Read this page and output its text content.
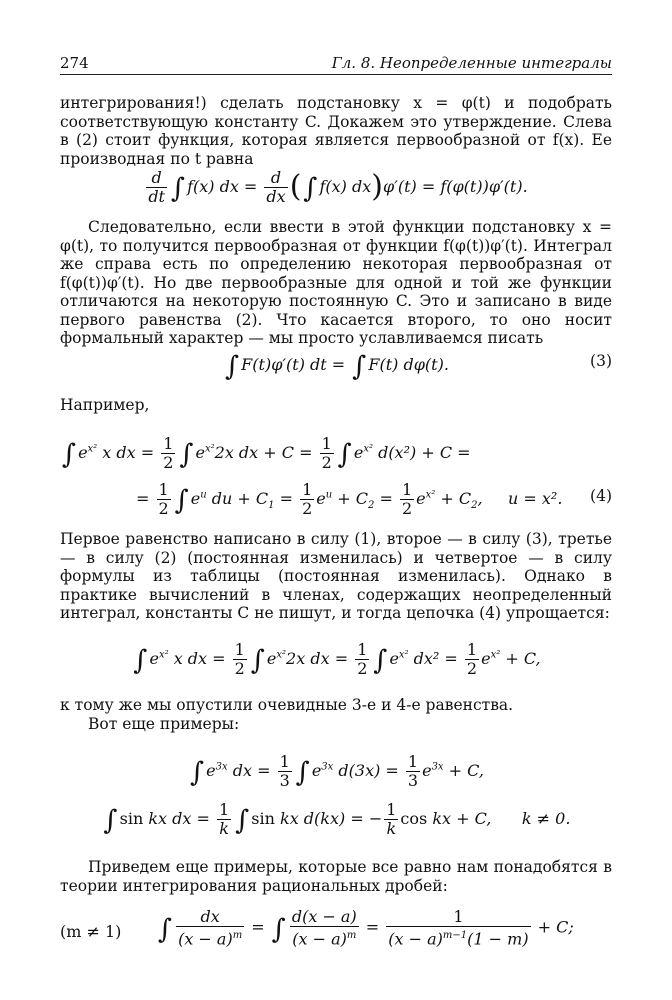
274	Гл. 8. Неопределенные интегралы
интегрирования!) сделать подстановку x = φ(t) и подобрать соответствующую константу C. Докажем это утверждение. Слева в (2) стоит функция, которая является первообразной от f(x). Ее производная по t равна
$\frac{d}{dt}$ ∫ f(x) dx = $\frac{d}{dx}$ (∫ f(x) dx)φ′(t) = f(φ(t))φ′(t).
Следовательно, если ввести в этой функции подстановку x = φ(t), то получится первообразная от функции f(φ(t))φ′(t). Интеграл же справа есть по определению некоторая первообразная от f(φ(t))φ′(t). Но две первообразные для одной и той же функции отличаются на некоторую постоянную C. Это и записано в виде первого равенства (2). Что касается второго, то оно носит формальный характер — мы просто уславливаемся писать
∫ F(t)φ′(t) dt = ∫ F(t) dφ(t).	(3)
Например,
∫ $e^{x^2}$ x dx = $\frac{1}{2}$ ∫ $e^{x^2}2x$ dx + $C = \frac{1}{2}$ ∫ $e^{x^2}$ d(x²) + C =
= $\frac{1}{2}$ ∫ $e^u$ du + $C_1 = \frac{1}{2} e^u + C_2 = \frac{1}{2} e^{x^2} + C_2$,     u = x². (4)
Первое равенство написано в силу (1), второе — в силу (3), третье — в силу (2) (постоянная изменилась) и четвертое — в силу формулы из таблицы (постоянная изменилась). Однако в практике вычислений в членах, содержащих неопределенный интеграл, константы C не пишут, и тогда цепочка (4) упрощается:
∫ $e^{x^2}$ x dx = $\frac{1}{2}$ ∫ $e^{x^2}2x$ dx = $\frac{1}{2}$ ∫ $e^{x^2}$ $dx^2 = \frac{1}{2} e^{x^2} + C$,
к тому же мы опустили очевидные 3-е и 4-е равенства.
Вот еще примеры:
∫ $e^{3x}$ dx = $\frac{1}{3}$ ∫ $e^{3x}$ $d(3x) = \frac{1}{3} e^{3x} + C$,
∫ sin kx dx = $\frac{1}{k}$ ∫ sin kx d(kx) = − $\frac{1}{k}$ cos kx + C,      k ≠ 0.
Приведем еще примеры, которые все равно нам понадобятся в теории интегрирования рациональных дробей:
(m ≠ 1) ∫ $\frac{dx}{(x - a)^m}$ = ∫ $\frac{d(x - a)}{(x - a)^m} = \frac{1}{(x - a)^{m-1}(1 - m)} + C$;
